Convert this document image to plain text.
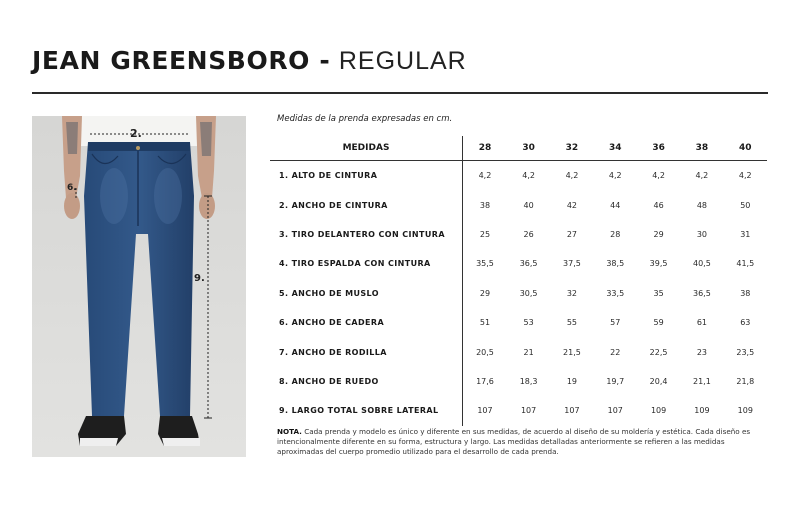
JEAN GREENSBORO - REGULAR
2.
6.
9.
Medidas de la prenda expresadas en cm.
MEDIDAS	28	30	32	34	36	38	40
1. ALTO DE CINTURA	4,2	4,2	4,2	4,2	4,2	4,2	4,2
2. ANCHO DE CINTURA	38	40	42	44	46	48	50
3. TIRO DELANTERO CON CINTURA	25	26	27	28	29	30	31
4. TIRO ESPALDA CON CINTURA	35,5	36,5	37,5	38,5	39,5	40,5	41,5
5. ANCHO DE MUSLO	29	30,5	32	33,5	35	36,5	38
6. ANCHO DE CADERA	51	53	55	57	59	61	63
7. ANCHO DE RODILLA	20,5	21	21,5	22	22,5	23	23,5
8. ANCHO DE RUEDO	17,6	18,3	19	19,7	20,4	21,1	21,8
9. LARGO TOTAL SOBRE LATERAL	107	107	107	107	109	109	109
NOTA. Cada prenda y modelo es único y diferente en sus medidas, de acuerdo al diseño de su moldería y estética. Cada diseño es intencionalmente diferente en su forma, estructura y largo. Las medidas detalladas anteriormente se refieren a las medidas aproximadas del cuerpo promedio utilizado para el desarrollo de cada prenda.
